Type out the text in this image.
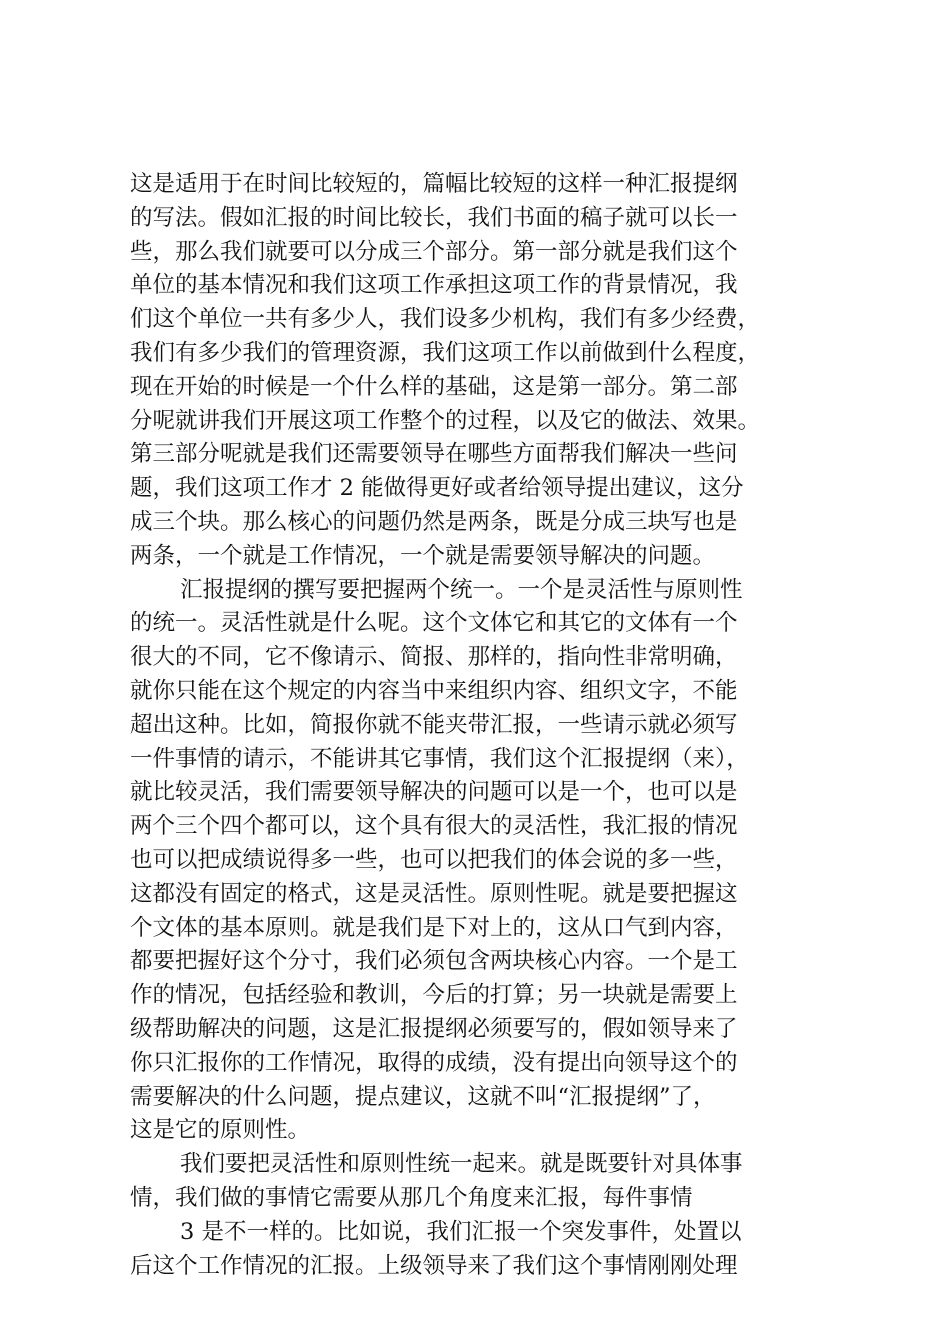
这是适用于在时间比较短的，篇幅比较短的这样一种汇报提纲
的写法。假如汇报的时间比较长，我们书面的稿子就可以长一
些，那么我们就要可以分成三个部分。第一部分就是我们这个
单位的基本情况和我们这项工作承担这项工作的背景情况，我
们这个单位一共有多少人，我们设多少机构，我们有多少经费，
我们有多少我们的管理资源，我们这项工作以前做到什么程度，
现在开始的时候是一个什么样的基础，这是第一部分。第二部
分呢就讲我们开展这项工作整个的过程，以及它的做法、效果。
第三部分呢就是我们还需要领导在哪些方面帮我们解决一些问
题，我们这项工作才 2 能做得更好或者给领导提出建议，这分
成三个块。那么核心的问题仍然是两条，既是分成三块写也是
两条，一个就是工作情况，一个就是需要领导解决的问题。
汇报提纲的撰写要把握两个统一。一个是灵活性与原则性
的统一。灵活性就是什么呢。这个文体它和其它的文体有一个
很大的不同，它不像请示、简报、那样的，指向性非常明确，
就你只能在这个规定的内容当中来组织内容、组织文字，不能
超出这种。比如，简报你就不能夹带汇报，一些请示就必须写
一件事情的请示，不能讲其它事情，我们这个汇报提纲（来），
就比较灵活，我们需要领导解决的问题可以是一个，也可以是
两个三个四个都可以，这个具有很大的灵活性，我汇报的情况
也可以把成绩说得多一些，也可以把我们的体会说的多一些，
这都没有固定的格式，这是灵活性。原则性呢。就是要把握这
个文体的基本原则。就是我们是下对上的，这从口气到内容，
都要把握好这个分寸，我们必须包含两块核心内容。一个是工
作的情况，包括经验和教训，今后的打算；另一块就是需要上
级帮助解决的问题，这是汇报提纲必须要写的，假如领导来了
你只汇报你的工作情况，取得的成绩，没有提出向领导这个的
需要解决的什么问题，提点建议，这就不叫“汇报提纲”了，
这是它的原则性。
我们要把灵活性和原则性统一起来。就是既要针对具体事
情，我们做的事情它需要从那几个角度来汇报，每件事情
3 是不一样的。比如说，我们汇报一个突发事件，处置以
后这个工作情况的汇报。上级领导来了我们这个事情刚刚处理
